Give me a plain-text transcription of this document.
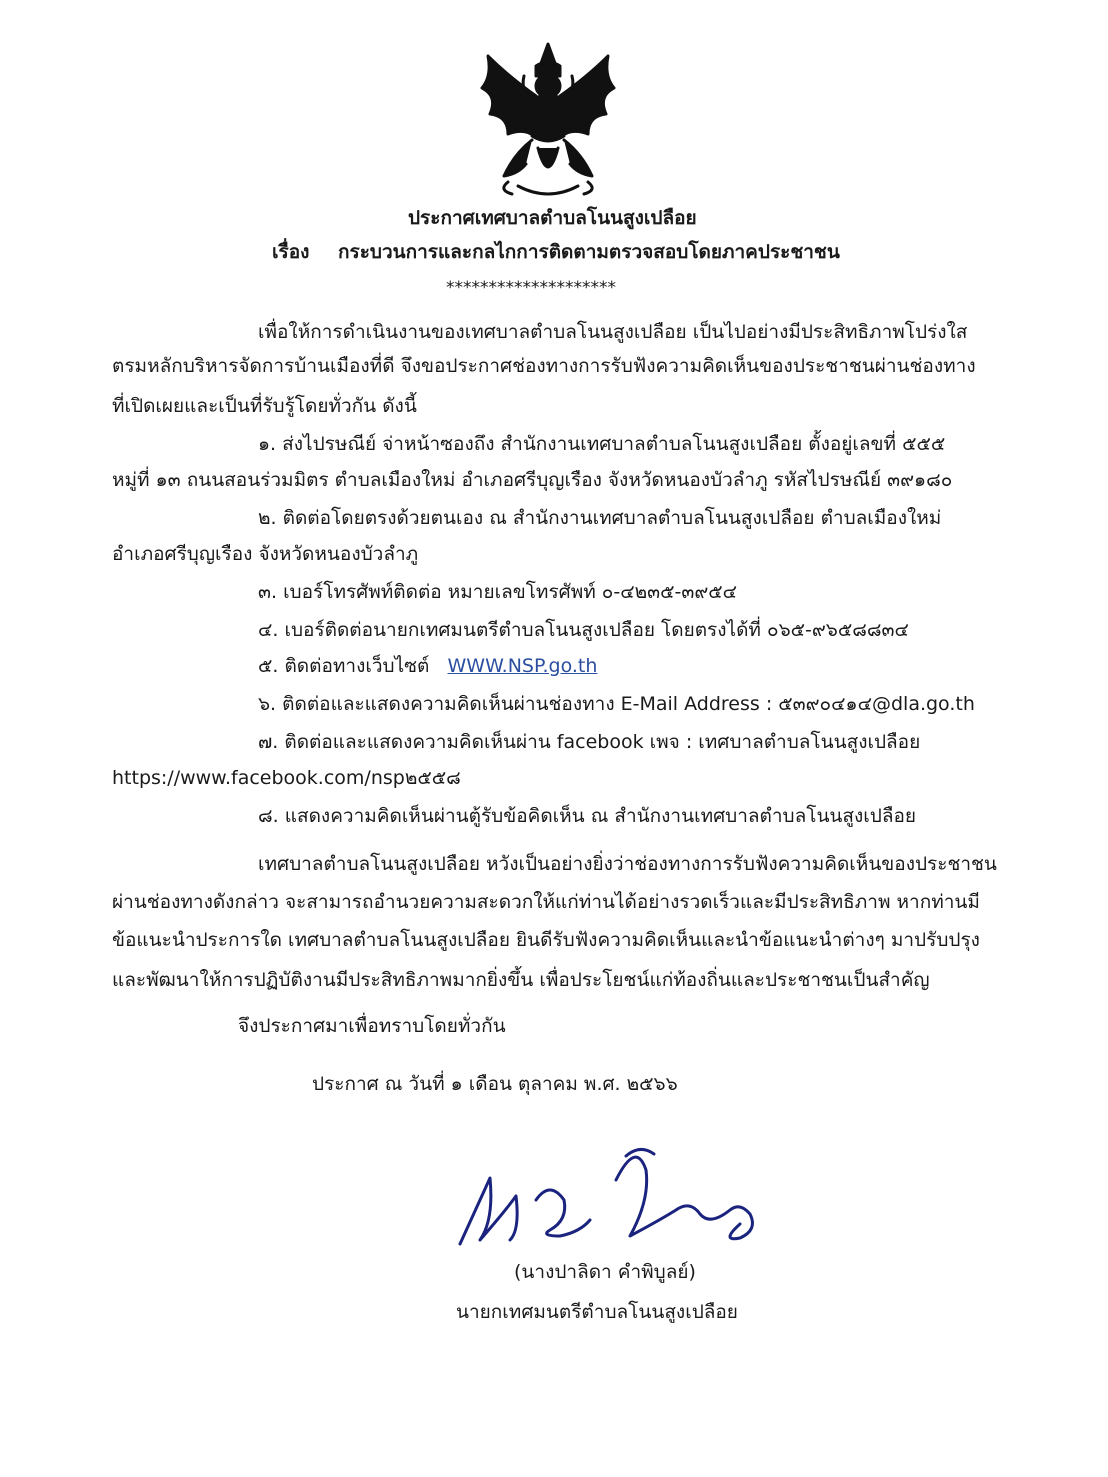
ประกาศเทศบาลตำบลโนนสูงเปลือย
เรื่อง กระบวนการและกลไกการติดตามตรวจสอบโดยภาคประชาชน
********************
เพื่อให้การดำเนินงานของเทศบาลตำบลโนนสูงเปลือย เป็นไปอย่างมีประสิทธิภาพโปร่งใส
ตรมหลักบริหารจัดการบ้านเมืองที่ดี จึงขอประกาศช่องทางการรับฟังความคิดเห็นของประชาชนผ่านช่องทาง
ที่เปิดเผยและเป็นที่รับรู้โดยทั่วกัน ดังนี้
๑. ส่งไปรษณีย์ จ่าหน้าซองถึง สำนักงานเทศบาลตำบลโนนสูงเปลือย ตั้งอยู่เลขที่ ๕๕๕
หมู่ที่ ๑๓ ถนนสอนร่วมมิตร ตำบลเมืองใหม่ อำเภอศรีบุญเรือง จังหวัดหนองบัวลำภู รหัสไปรษณีย์ ๓๙๑๘๐
๒. ติดต่อโดยตรงด้วยตนเอง ณ สำนักงานเทศบาลตำบลโนนสูงเปลือย ตำบลเมืองใหม่
อำเภอศรีบุญเรือง จังหวัดหนองบัวลำภู
๓. เบอร์โทรศัพท์ติดต่อ หมายเลขโทรศัพท์ ๐-๔๒๓๕-๓๙๕๔
๔. เบอร์ติดต่อนายกเทศมนตรีตำบลโนนสูงเปลือย โดยตรงได้ที่ ๐๖๕-๙๖๕๘๘๓๔
๕. ติดต่อทางเว็บไซต์ WWW.NSP.go.th
๖. ติดต่อและแสดงความคิดเห็นผ่านช่องทาง E-Mail Address : ๕๓๙๐๔๑๔@dla.go.th
๗. ติดต่อและแสดงความคิดเห็นผ่าน facebook เพจ : เทศบาลตำบลโนนสูงเปลือย
https://www.facebook.com/nsp๒๕๕๘
๘. แสดงความคิดเห็นผ่านตู้รับข้อคิดเห็น ณ สำนักงานเทศบาลตำบลโนนสูงเปลือย
เทศบาลตำบลโนนสูงเปลือย หวังเป็นอย่างยิ่งว่าช่องทางการรับฟังความคิดเห็นของประชาชน
ผ่านช่องทางดังกล่าว จะสามารถอำนวยความสะดวกให้แก่ท่านได้อย่างรวดเร็วและมีประสิทธิภาพ หากท่านมี
ข้อแนะนำประการใด เทศบาลตำบลโนนสูงเปลือย ยินดีรับฟังความคิดเห็นและนำข้อแนะนำต่างๆ มาปรับปรุง
และพัฒนาให้การปฏิบัติงานมีประสิทธิภาพมากยิ่งขึ้น เพื่อประโยชน์แก่ท้องถิ่นและประชาชนเป็นสำคัญ
จึงประกาศมาเพื่อทราบโดยทั่วกัน
ประกาศ ณ วันที่ ๑ เดือน ตุลาคม พ.ศ. ๒๕๖๖
(นางปาลิดา คำพิบูลย์)
นายกเทศมนตรีตำบลโนนสูงเปลือย
